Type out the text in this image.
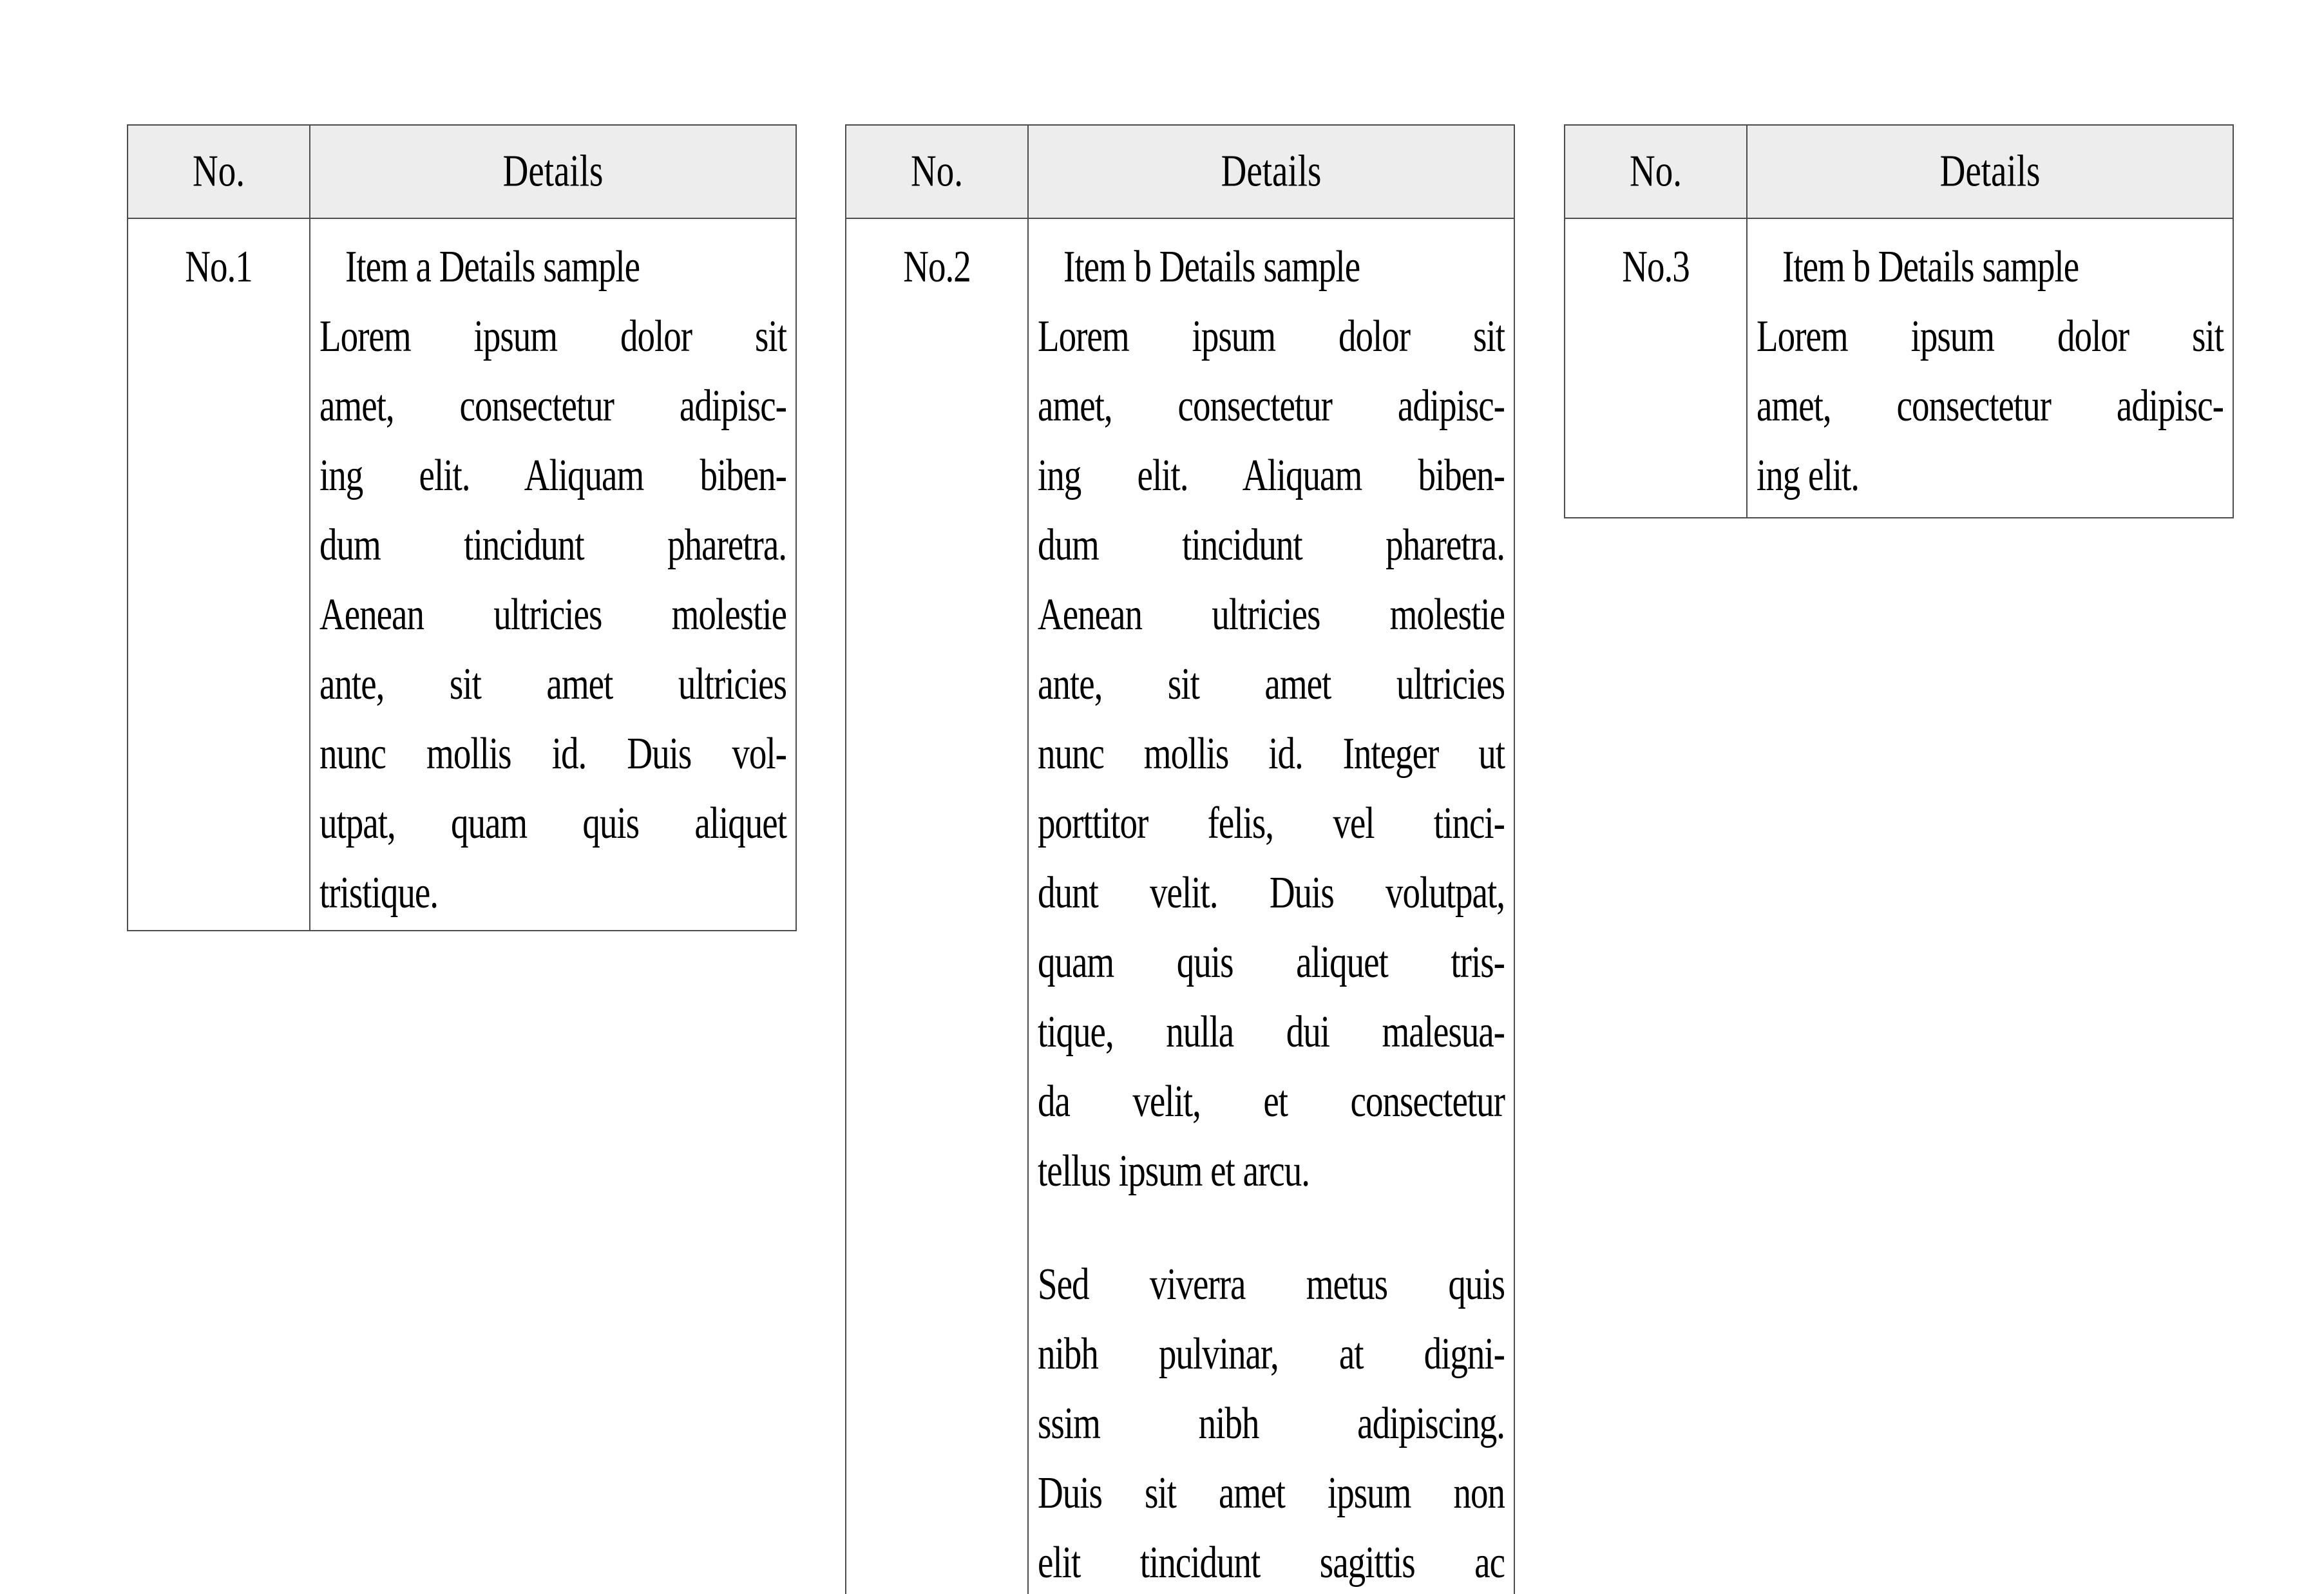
No.	Details
No.1	Item a Details sample
Lorem ipsum dolor sit
amet, consectetur adipisc-
ing elit. Aliquam biben-
dum tincidunt pharetra.
Aenean ultricies molestie
ante, sit amet ultricies
nunc mollis id. Duis vol-
utpat, quam quis aliquet
tristique.
No.	Details
No.2	Item b Details sample
Lorem ipsum dolor sit
amet, consectetur adipisc-
ing elit. Aliquam biben-
dum tincidunt pharetra.
Aenean ultricies molestie
ante, sit amet ultricies
nunc mollis id. Integer ut
porttitor felis, vel tinci-
dunt velit. Duis volutpat,
quam quis aliquet tris-
tique, nulla dui malesua-
da velit, et consectetur
tellus ipsum et arcu.
Sed viverra metus quis
nibh pulvinar, at digni-
ssim nibh adipiscing.
Duis sit amet ipsum non
elit tincidunt sagittis ac
No.	Details
No.3	Item b Details sample
Lorem ipsum dolor sit
amet, consectetur adipisc-
ing elit.
